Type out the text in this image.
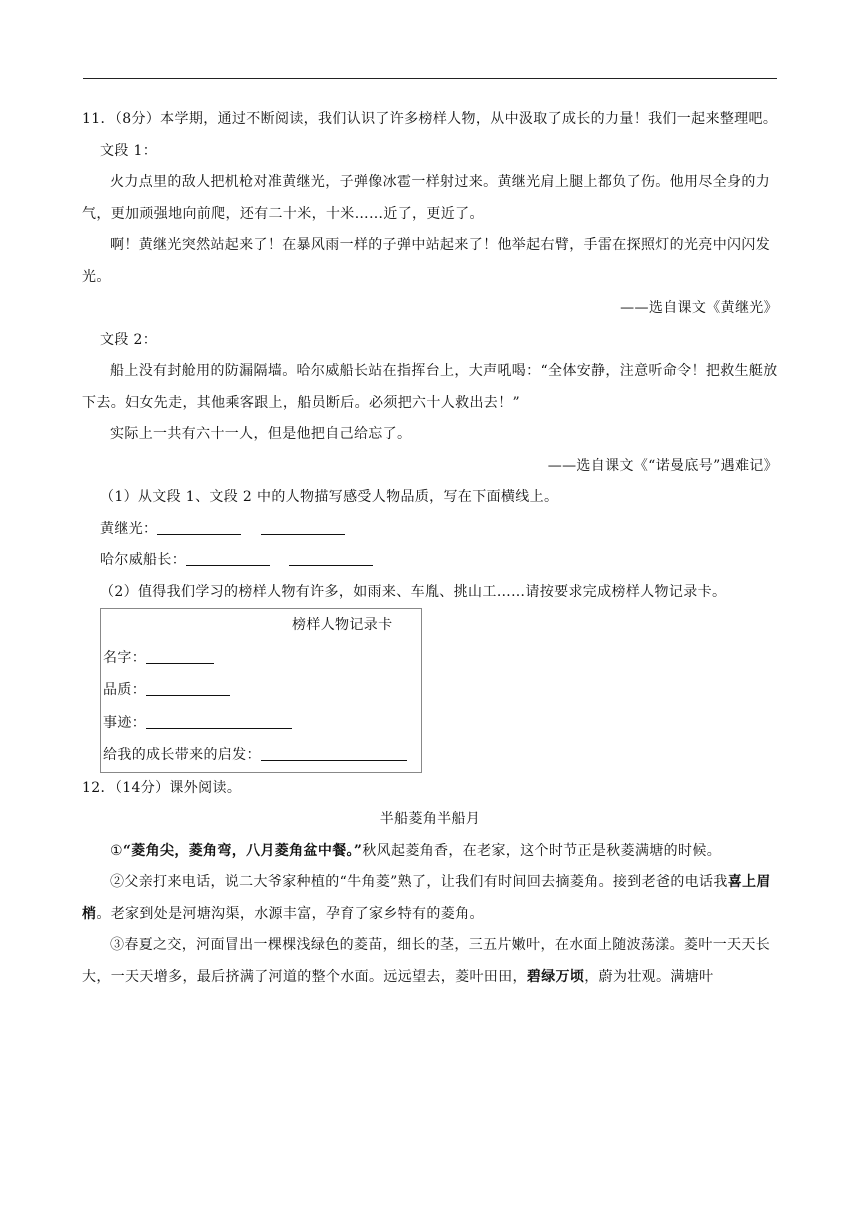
11．（8分）本学期，通过不断阅读，我们认识了许多榜样人物，从中汲取了成长的力量！我们一起来整理吧。

文段 1：

火力点里的敌人把机枪对准黄继光，子弹像冰雹一样射过来。黄继光肩上腿上都负了伤。他用尽全身的力气，更加顽强地向前爬，还有二十米，十米……近了，更近了。

啊！黄继光突然站起来了！在暴风雨一样的子弹中站起来了！他举起右臂，手雷在探照灯的光亮中闪闪发光。

——选自课文《黄继光》

文段 2：

船上没有封舱用的防漏隔墙。哈尔威船长站在指挥台上，大声吼喝：“全体安静，注意听命令！把救生艇放下去。妇女先走，其他乘客跟上，船员断后。必须把六十人救出去！”

实际上一共有六十一人，但是他把自己给忘了。

——选自课文《“诺曼底号”遇难记》

（1）从文段 1、文段 2 中的人物描写感受人物品质，写在下面横线上。

黄继光：

哈尔威船长：

（2）值得我们学习的榜样人物有许多，如雨来、车胤、挑山工……请按要求完成榜样人物记录卡。

榜样人物记录卡

名字：

品质：

事迹：

给我的成长带来的启发：

12．（14分）课外阅读。

半船菱角半船月

①“菱角尖，菱角弯，八月菱角盆中餐。”秋风起菱角香，在老家，这个时节正是秋菱满塘的时候。

②父亲打来电话，说二大爷家种植的“牛角菱”熟了，让我们有时间回去摘菱角。接到老爸的电话我喜上眉梢。老家到处是河塘沟渠，水源丰富，孕育了家乡特有的菱角。

③春夏之交，河面冒出一棵棵浅绿色的菱苗，细长的茎，三五片嫩叶，在水面上随波荡漾。菱叶一天天长大，一天天增多，最后挤满了河道的整个水面。远远望去，菱叶田田，碧绿万顷，蔚为壮观。满塘叶
